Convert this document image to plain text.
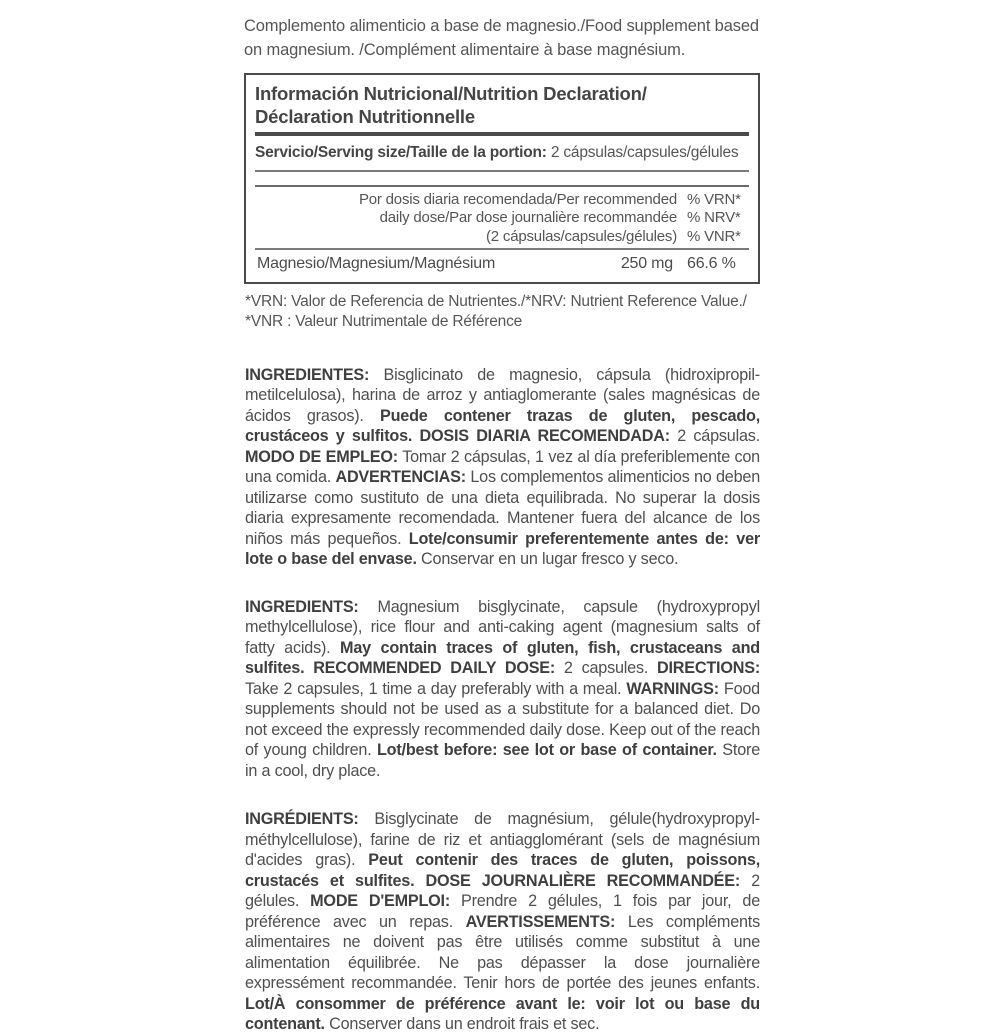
Complemento alimenticio a base de magnesio./Food supplement based on magnesium. /Complément alimentaire à base magnésium.

Información Nutricional/Nutrition Declaration/
Déclaration Nutritionnelle
Servicio/Serving size/Taille de la portion: 2 cápsulas/capsules/gélules
Por dosis diaria recomendada/Per recommended
daily dose/Par dose journalière recommandée
(2 cápsulas/capsules/gélules)
% VRN*
% NRV*
% VNR*
Magnesio/Magnesium/Magnésium	250 mg 66.6 %
*VRN: Valor de Referencia de Nutrientes./*NRV: Nutrient Reference Value./
*VNR : Valeur Nutrimentale de Référence

INGREDIENTES: Bisglicinato de magnesio, cápsula (hidroxipropil-metilcelulosa), harina de arroz y antiaglomerante (sales magnésicas de ácidos grasos). Puede contener trazas de gluten, pescado, crustáceos y sulfitos. DOSIS DIARIA RECOMENDADA: 2 cápsulas. MODO DE EMPLEO: Tomar 2 cápsulas, 1 vez al día preferiblemente con una comida. ADVERTENCIAS: Los complementos alimenticios no deben utilizarse como sustituto de una dieta equilibrada. No superar la dosis diaria expresamente recomendada. Mantener fuera del alcance de los niños más pequeños. Lote/consumir preferentemente antes de: ver lote o base del envase. Conservar en un lugar fresco y seco.

INGREDIENTS: Magnesium bisglycinate, capsule (hydroxypropyl methylcellulose), rice flour and anti-caking agent (magnesium salts of fatty acids). May contain traces of gluten, fish, crustaceans and sulfites. RECOMMENDED DAILY DOSE: 2 capsules. DIRECTIONS: Take 2 capsules, 1 time a day preferably with a meal. WARNINGS: Food supplements should not be used as a substitute for a balanced diet. Do not exceed the expressly recommended daily dose. Keep out of the reach of young children. Lot/best before: see lot or base of container. Store in a cool, dry place.

INGRÉDIENTS: Bisglycinate de magnésium, gélule(hydroxypropyl-méthylcellulose), farine de riz et antiagglomérant (sels de magnésium d'acides gras). Peut contenir des traces de gluten, poissons, crustacés et sulfites. DOSE JOURNALIÈRE RECOMMANDÉE: 2 gélules. MODE D'EMPLOI: Prendre 2 gélules, 1 fois par jour, de préférence avec un repas. AVERTISSEMENTS: Les compléments alimentaires ne doivent pas être utilisés comme substitut à une alimentation équilibrée. Ne pas dépasser la dose journalière expressément recommandée. Tenir hors de portée des jeunes enfants. Lot/À consommer de préférence avant le: voir lot ou base du contenant. Conserver dans un endroit frais et sec.
